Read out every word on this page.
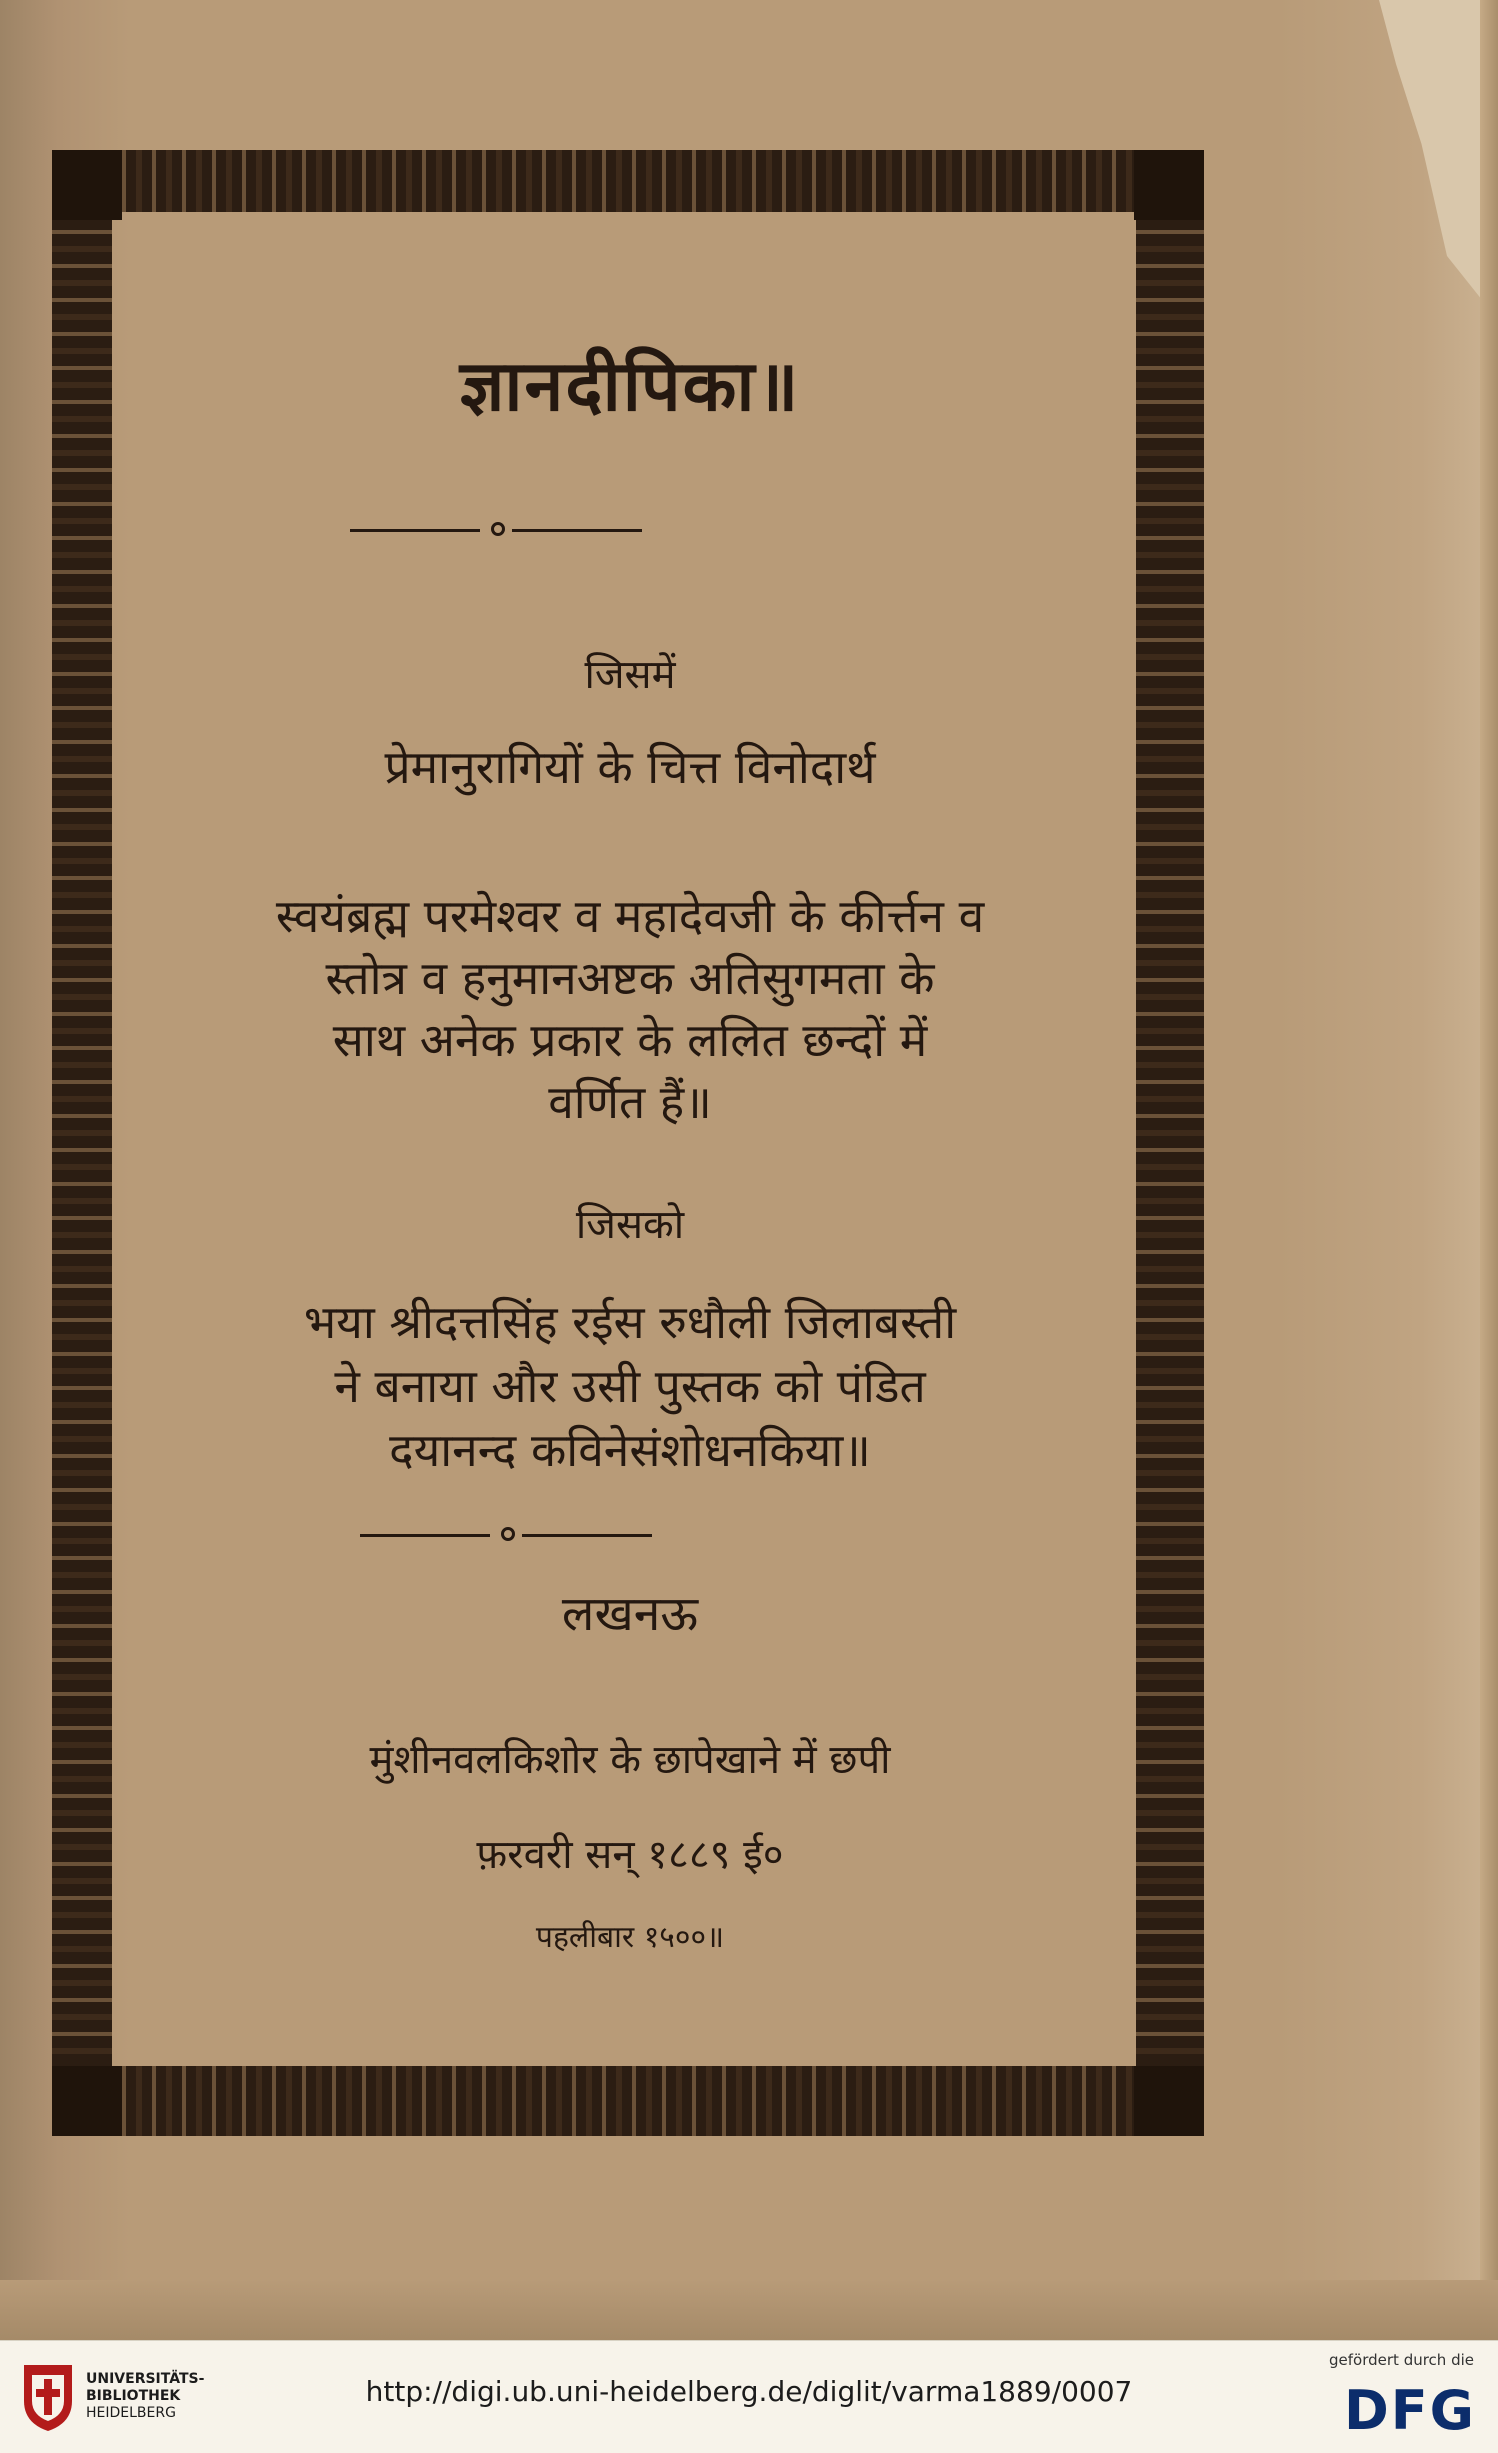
ज्ञानदीपिका॥
जिसमें
प्रेमानुरागियों के चित्त विनोदार्थ
स्वयंब्रह्म परमेश्वर व महादेवजी के कीर्त्तन व
स्तोत्र व हनुमानअष्टक अतिसुगमता के
साथ अनेक प्रकार के ललित छन्दों में
वर्णित हैं॥
जिसको
भया श्रीदत्तसिंह रईस रुधौली जिलाबस्ती
ने बनाया और उसी पुस्तक को पंडित
दयानन्द कविनेसंशोधनकिया॥
लखनऊ
मुंशीनवलकिशोर के छापेखाने में छपी
फ़रवरी सन् १८८९ ई०
पहलीबार १५००॥
UNIVERSITÄTS-
BIBLIOTHEK
HEIDELBERG
http://digi.ub.uni-heidelberg.de/diglit/varma1889/0007
gefördert durch die
DFG
